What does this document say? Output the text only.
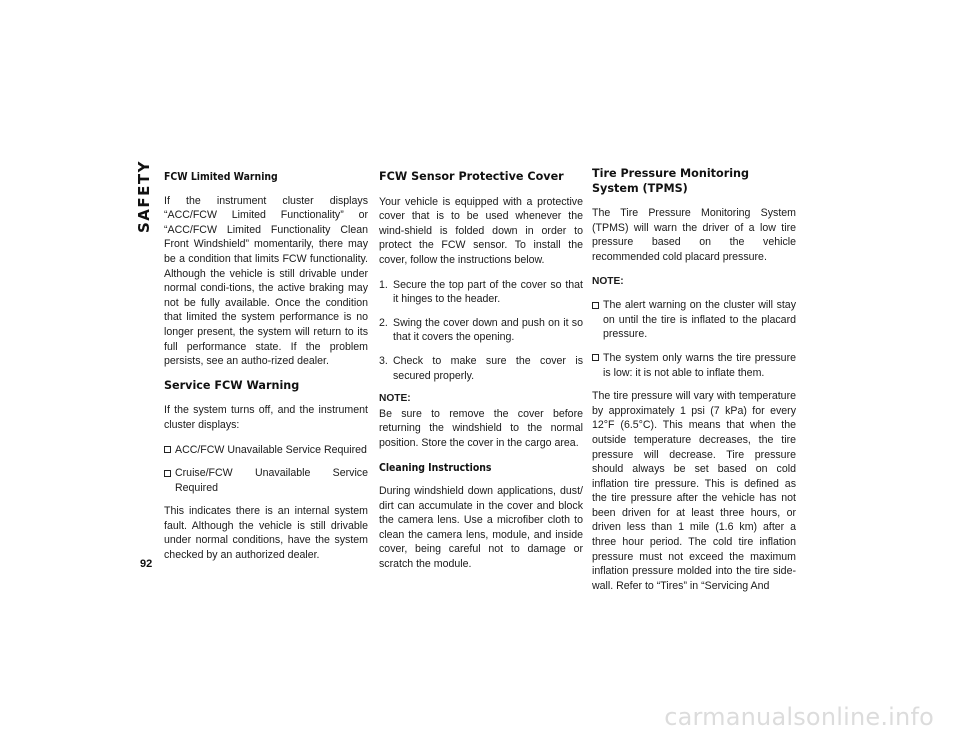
SAFETY
92
FCW Limited Warning

If the instrument cluster displays “ACC/FCW Limited Functionality” or “ACC/FCW Limited Functionality Clean Front Windshield” momentarily, there may be a condition that limits FCW functionality. Although the vehicle is still drivable under normal condi-tions, the active braking may not be fully available. Once the condition that limited the system performance is no longer present, the system will return to its full performance state. If the problem persists, see an autho-rized dealer.

Service FCW Warning

If the system turns off, and the instrument cluster displays:

ACC/FCW Unavailable Service Required
Cruise/FCW Unavailable Service Required

This indicates there is an internal system fault. Although the vehicle is still drivable under normal conditions, have the system checked by an authorized dealer.

FCW Sensor Protective Cover

Your vehicle is equipped with a protective cover that is to be used whenever the wind-shield is folded down in order to protect the FCW sensor. To install the cover, follow the instructions below.

1. Secure the top part of the cover so that it hinges to the header.
2. Swing the cover down and push on it so that it covers the opening.
3. Check to make sure the cover is secured properly.
NOTE:

Be sure to remove the cover before returning the windshield to the normal position. Store the cover in the cargo area.

Cleaning Instructions

During windshield down applications, dust/ dirt can accumulate in the cover and block the camera lens. Use a microfiber cloth to clean the camera lens, module, and inside cover, being careful not to damage or scratch the module.

Tire Pressure Monitoring System (TPMS)

The Tire Pressure Monitoring System (TPMS) will warn the driver of a low tire pressure based on the vehicle recommended cold placard pressure.

NOTE:
The alert warning on the cluster will stay on until the tire is inflated to the placard pressure.
The system only warns the tire pressure is low: it is not able to inflate them.

The tire pressure will vary with temperature by approximately 1 psi (7 kPa) for every 12°F (6.5°C). This means that when the outside temperature decreases, the tire pressure will decrease. Tire pressure should always be set based on cold inflation tire pressure. This is defined as the tire pressure after the vehicle has not been driven for at least three hours, or driven less than 1 mile (1.6 km) after a three hour period. The cold tire inflation pressure must not exceed the maximum inflation pressure molded into the tire side-wall. Refer to “Tires” in “Servicing And

carmanualsonline.info
